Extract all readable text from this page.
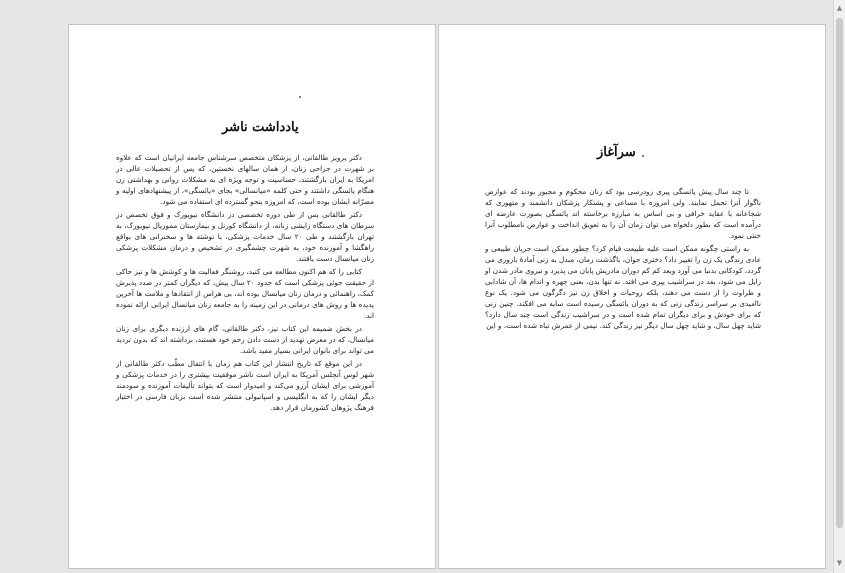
یادداشت ناشر

دکتر پرویز طالقانی، از پزشکان متخصص سرشناس جامعه ایرانیان است که علاوه بر شهرت در جراحی زنان، از همان سالهای نخستین، که پس از تحصیلات عالی در امریکا به ایران بازگشتند، حساسیت و توجه ویژه ای به مشکلات روانی و بهداشتی زن هنگام یائسگی داشتند و حتی کلمه «میانسالی» بجای «یائسگی»، از پیشنهادهای اولیه و مصرّانه ایشان بوده است، که امروزه بنحو گسترده ای استفاده می شود.

دکتر طالقانی پس از طی دوره تخصصی در دانشگاه نیویورک و فوق تخصص در سرطان های دستگاه زایشی زنانه، از دانشگاه کورنل و بیمارستان مموریال نیویورک، به تهران بازگشتند و طی ۲۰ سال خدمات پزشکی، با نوشته ها و سخنرانی های بواقع راهگشا و آموزنده خود، به شهرت چشمگیری در تشخیص و درمان مشکلات پزشکی زنان میانسال دست یافتند.

کتابی را که هم اکنون مطالعه می کنید، روشنگر فعالیت ها و کوشش ها و نیز حاکی از حقیقت جوئی پزشکی است که حدود ۲۰ سال پیش، که دیگران کمتر در صدد پذیرش کمک، راهنمائی و درمان زنان میانسال بوده اند، بی هراس از انتقادها و ملامت ها آخرین پدیده ها و روش های درمانی در این زمینه را به جامعه زنان میانسال ایرانی ارائه نموده اند.

در بخش ضمیمه این کتاب نیز، دکتر طالقانی، گام های ارزنده دیگری برای زنان میانسال، که در معرض تهدید از دست دادن رحم خود هستند، برداشته اند که بدون تردید می تواند برای بانوان ایرانی بسیار مفید باشد.

در این موقع که تاریخ انتشار این کتاب هم زمان با انتقال مطّب دکتر طالقانی از شهر لوس آنجلس آمریکا به ایران است ناشر موفقیت بیشتری را در خدمات پزشکی و آموزشی برای ایشان آرزو می‌کند و امیدوار است که بتواند تألیفات آموزنده و سودمند دیگر ایشان را که به انگلیسی و اسپانیولی منتشر شده است بزبان فارسی در اختیار فرهنگ پژوهان کشورمان قرار دهد.

سرآغاز

تا چند سال پیش یائسگی پیری زودرسی بود که زنان محکوم و مجبور بودند که عوارض ناگوار آنرا تحمل نمایند. ولی امروزه با مساعی و پشتکار پزشکان دانشمند و متهوری که شجاعانه با عقاید خرافی و بی اساس به مبارزه برخاسته اند یائسگی بصورت عارضه ای درآمده است که بطور دلخواه می توان زمان آن را به تعویق انداخت و عوارض نامطلوب آنرا خنثی نمود.

به راستی چگونه ممکن است علیه طبیعت قیام کرد؟ چطور ممکن است جریان طبیعی و عادی زندگی یک زن را تغییر داد؟ دختری جوان، باگذشت زمان، مبدل به زنی آمادهٔ باروری می گردد، کودکانی بدنیا می آورد وبعد کم کم دوران مادریش پایان می پذیرد و نیروی مادر شدن او زایل می شود، بعد در سراشیب پیری می افتد. نه تنها بدن، بعنی چهره و اندام ها، آن شادابی و طراوت را از دست می دهند، بلکه روحیات و اخلاق زن نیز دگرگون می شود. یک نوع ناامیدی بر سراسر زندگی زنی که به دوران یائسگی رسیده است سایه می افکند. چنین زنی که برای خودش و برای دیگران تمام شده است و در سراشیب زندگی است چند سال دارد؟ شاید چهل سال، و شاید چهل سال دیگر نیز زندگی کند. نیمی از عمرش تباه شده است، و این

▲
▼
